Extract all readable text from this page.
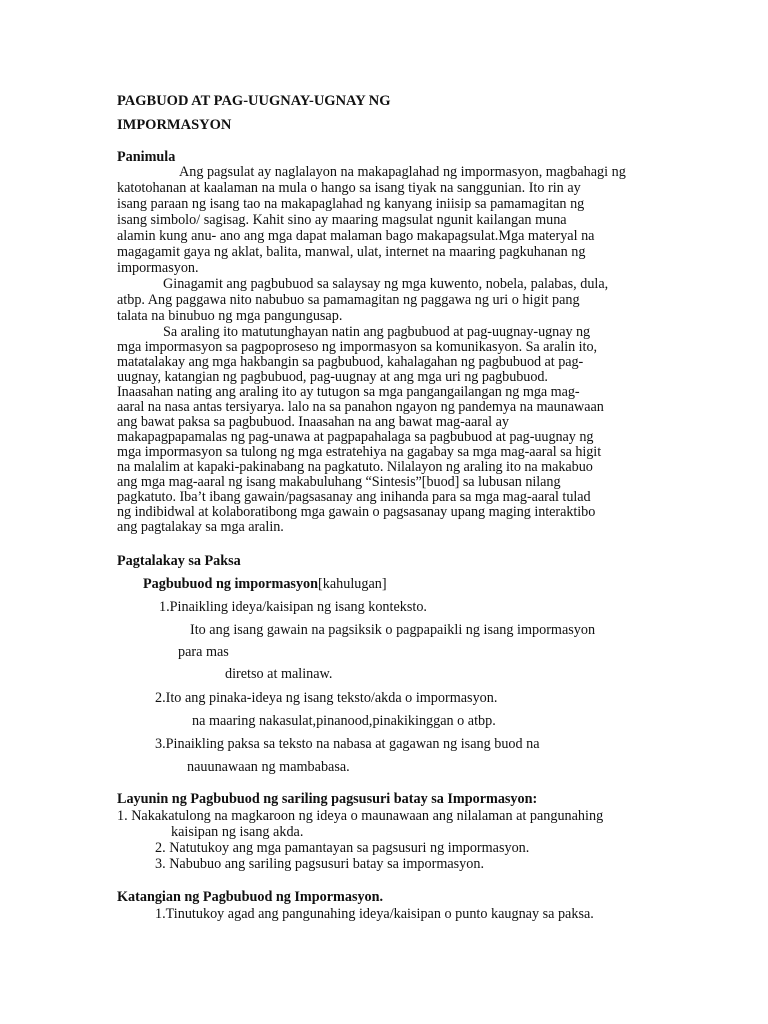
PAGBUOD AT PAG-UUGNAY-UGNAY NG
IMPORMASYON
Panimula
Ang pagsulat ay naglalayon na makapaglahad ng impormasyon, magbahagi ng
katotohanan at kaalaman na mula o hango sa isang tiyak na sanggunian. Ito rin ay
isang paraan ng isang tao na makapaglahad ng kanyang iniisip sa pamamagitan ng
isang simbolo/ sagisag. Kahit sino ay maaring magsulat ngunit kailangan muna
alamin kung anu- ano ang mga dapat malaman bago makapagsulat.Mga materyal na
magagamit gaya ng aklat, balita, manwal, ulat, internet na maaring pagkuhanan ng
impormasyon.
Ginagamit ang pagbubuod sa salaysay ng mga kuwento, nobela, palabas, dula,
atbp. Ang paggawa nito nabubuo sa pamamagitan ng paggawa ng uri o higit pang
talata na binubuo ng mga pangungusap.
Sa araling ito matutunghayan natin ang pagbubuod at pag-uugnay-ugnay ng
mga impormasyon sa pagpoproseso ng impormasyon sa komunikasyon. Sa aralin ito,
matatalakay ang mga hakbangin sa pagbubuod, kahalagahan ng pagbubuod at pag-
uugnay, katangian ng pagbubuod, pag-uugnay at ang mga uri ng pagbubuod.
Inaasahan nating ang araling ito ay tutugon sa mga pangangailangan ng mga mag-
aaral na nasa antas tersiyarya. lalo na sa panahon ngayon ng pandemya na maunawaan
ang bawat paksa sa pagbubuod. Inaasahan na ang bawat mag-aaral ay
makapagpapamalas ng pag-unawa at pagpapahalaga sa pagbubuod at pag-uugnay ng
mga impormasyon sa tulong ng mga estratehiya na gagabay sa mga mag-aaral sa higit
na malalim at kapaki-pakinabang na pagkatuto. Nilalayon ng araling ito na makabuo
ang mga mag-aaral ng isang makabuluhang “Sintesis”[buod] sa lubusan nilang
pagkatuto. Iba’t ibang gawain/pagsasanay ang inihanda para sa mga mag-aaral tulad
ng indibidwal at kolaboratibong mga gawain o pagsasanay upang maging interaktibo
ang pagtalakay sa mga aralin.
Pagtalakay sa Paksa
Pagbubuod ng impormasyon[kahulugan]
1.Pinaikling ideya/kaisipan ng isang konteksto.
Ito ang isang gawain na pagsiksik o pagpapaikli ng isang impormasyon
para mas
diretso at malinaw.
2.Ito ang pinaka-ideya ng isang teksto/akda o impormasyon.
na maaring nakasulat,pinanood,pinakikinggan o atbp.
3.Pinaikling paksa sa teksto na nabasa at gagawan ng isang buod na
nauunawaan ng mambabasa.
Layunin ng Pagbubuod ng sariling pagsusuri batay sa Impormasyon:
1. Nakakatulong na magkaroon ng ideya o maunawaan ang nilalaman at pangunahing
kaisipan ng isang akda.
2. Natutukoy ang mga pamantayan sa pagsusuri ng impormasyon.
3. Nabubuo ang sariling pagsusuri batay sa impormasyon.
Katangian ng Pagbubuod ng Impormasyon.
1.Tinutukoy agad ang pangunahing ideya/kaisipan o punto kaugnay sa paksa.
